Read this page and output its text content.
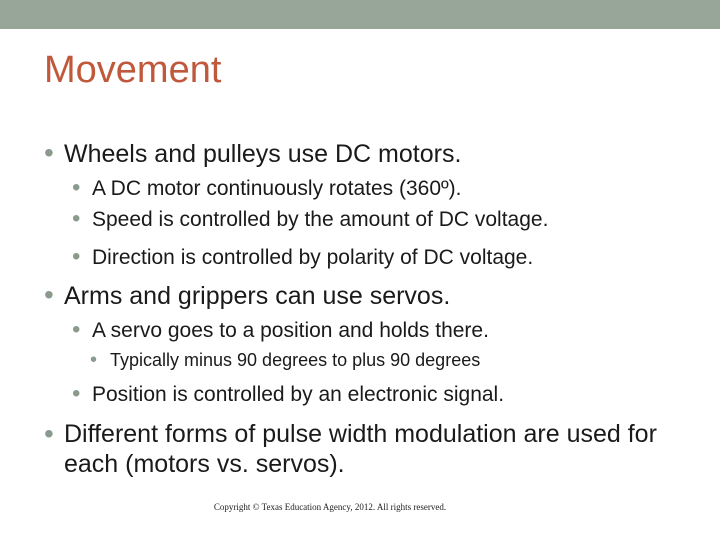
Movement
• Wheels and pulleys use DC motors.
• A DC motor continuously rotates (360º).
• Speed is controlled by the amount of DC voltage.
• Direction is controlled by polarity of DC voltage.
• Arms and grippers can use servos.
• A servo goes to a position and holds there.
• Typically minus 90 degrees to plus 90 degrees
• Position is controlled by an electronic signal.
• Different forms of pulse width modulation are used for each (motors vs. servos).
Copyright © Texas Education Agency, 2012. All rights reserved.
